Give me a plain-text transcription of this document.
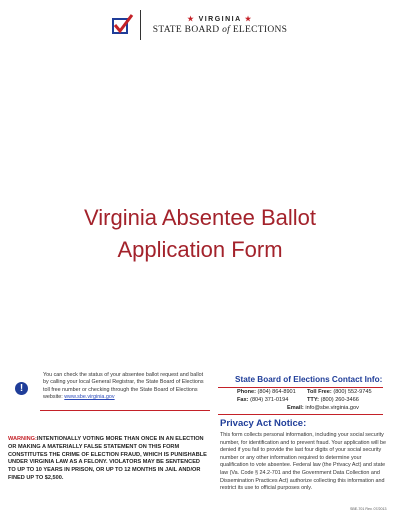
★ VIRGINIA ★
STATE BOARD of ELECTIONS
Virginia Absentee Ballot
Application Form
!
You can check the status of your absentee ballot request and ballot by calling your local General Registrar, the State Board of Elections toll free number or checking through the State Board of Elections website: www.sbe.virginia.gov
State Board of Elections Contact Info:
Phone: (804) 864-8901 Toll Free: (800) 552-9745
Fax: (804) 371-0194	TTY: (800) 260-3466
Email: info@sbe.virginia.gov
Privacy Act Notice:
This form collects personal information, including your social security number, for identification and to prevent fraud. Your application will be denied if you fail to provide the last four digits of your social security number or any other information required to determine your qualification to vote absentee. Federal law (the Privacy Act) and state law (Va. Code § 24.2-701 and the Government Data Collection and Dissemination Practices Act) authorize collecting this information and restrict its use to official purposes only.
WARNING:INTENTIONALLY VOTING MORE THAN ONCE IN AN ELECTION OR MAKING A MATERIALLY FALSE STATEMENT ON THIS FORM CONSTITUTES THE CRIME OF ELECTION FRAUD, WHICH IS PUNISHABLE UNDER VIRGINIA LAW AS A FELONY. VIOLATORS MAY BE SENTENCED TO UP TO 10 YEARS IN PRISON, OR UP TO 12 MONTHS IN JAIL AND/OR FINED UP TO $2,500.
SBE-701 Rev. 07/2013
